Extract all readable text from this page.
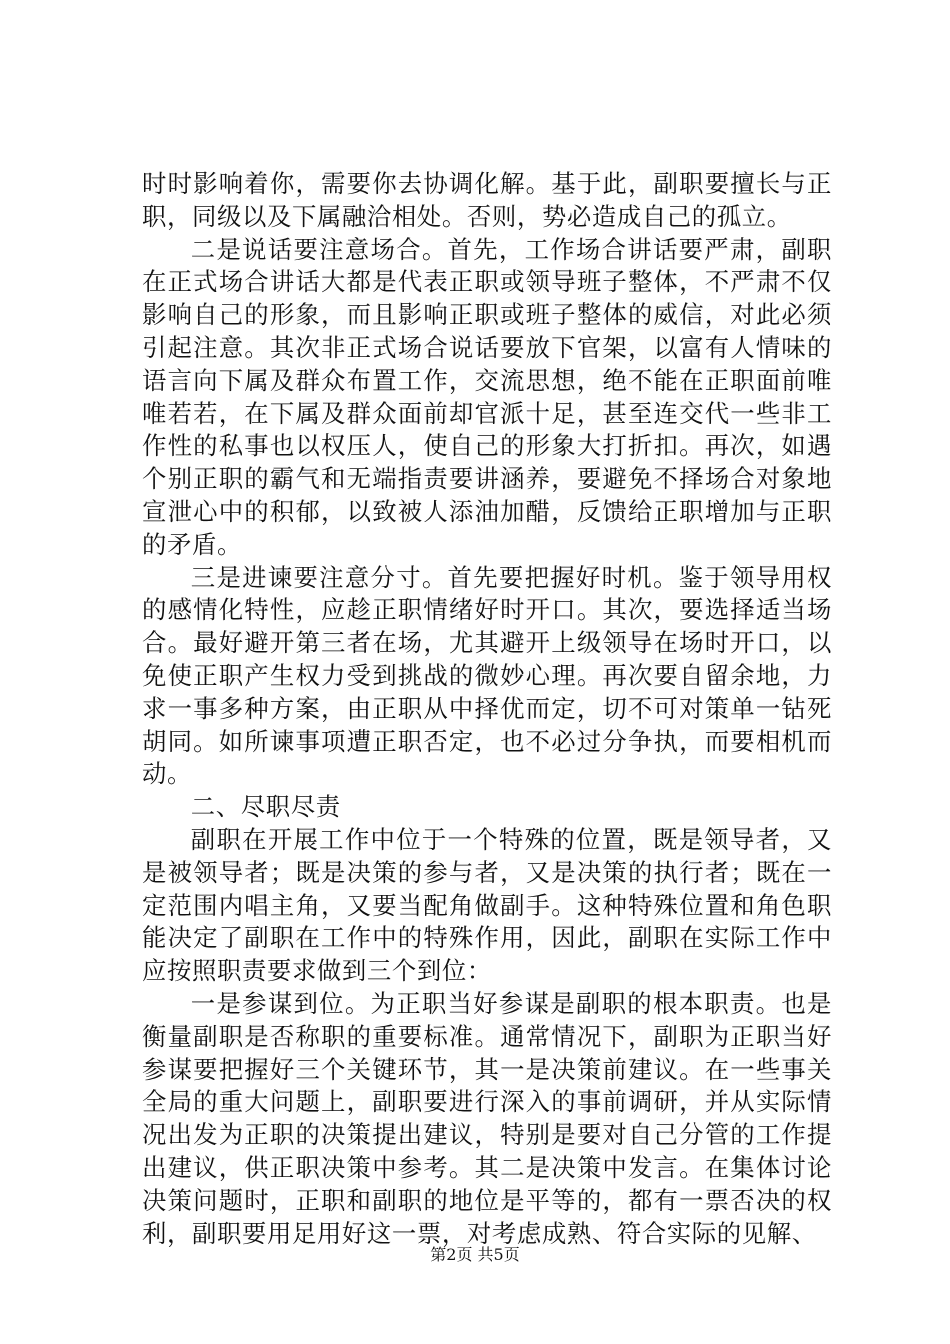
时时影响着你，需要你去协调化解。基于此，副职要擅长与正职，同级以及下属融洽相处。否则，势必造成自己的孤立。

二是说话要注意场合。首先，工作场合讲话要严肃，副职在正式场合讲话大都是代表正职或领导班子整体，不严肃不仅影响自己的形象，而且影响正职或班子整体的威信，对此必须引起注意。其次非正式场合说话要放下官架，以富有人情味的语言向下属及群众布置工作，交流思想，绝不能在正职面前唯唯若若，在下属及群众面前却官派十足，甚至连交代一些非工作性的私事也以权压人，使自己的形象大打折扣。再次，如遇个别正职的霸气和无端指责要讲涵养，要避免不择场合对象地宣泄心中的积郁，以致被人添油加醋，反馈给正职增加与正职的矛盾。

三是进谏要注意分寸。首先要把握好时机。鉴于领导用权的感情化特性，应趁正职情绪好时开口。其次，要选择适当场合。最好避开第三者在场，尤其避开上级领导在场时开口，以免使正职产生权力受到挑战的微妙心理。再次要自留余地，力求一事多种方案，由正职从中择优而定，切不可对策单一钻死胡同。如所谏事项遭正职否定，也不必过分争执，而要相机而动。

二、尽职尽责

副职在开展工作中位于一个特殊的位置，既是领导者，又是被领导者；既是决策的参与者，又是决策的执行者；既在一定范围内唱主角，又要当配角做副手。这种特殊位置和角色职能决定了副职在工作中的特殊作用，因此，副职在实际工作中应按照职责要求做到三个到位：

一是参谋到位。为正职当好参谋是副职的根本职责。也是衡量副职是否称职的重要标准。通常情况下，副职为正职当好参谋要把握好三个关键环节，其一是决策前建议。在一些事关全局的重大问题上，副职要进行深入的事前调研，并从实际情况出发为正职的决策提出建议，特别是要对自己分管的工作提出建议，供正职决策中参考。其二是决策中发言。在集体讨论决策问题时，正职和副职的地位是平等的，都有一票否决的权利，副职要用足用好这一票，对考虑成熟、符合实际的见解、

第2页 共5页
